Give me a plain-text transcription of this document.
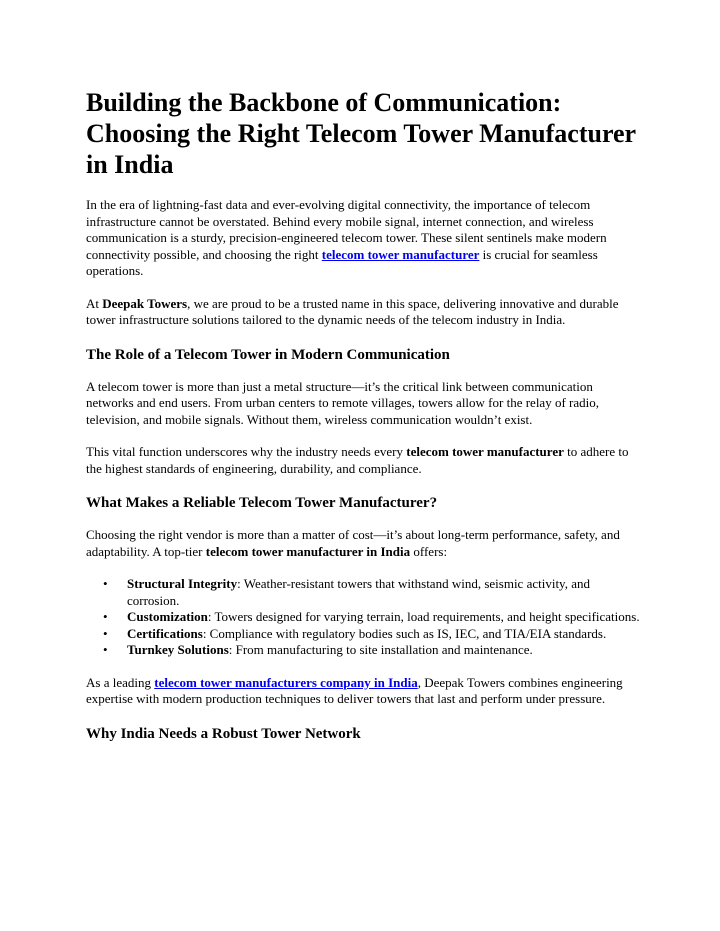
Building the Backbone of Communication: Choosing the Right Telecom Tower Manufacturer in India

In the era of lightning-fast data and ever-evolving digital connectivity, the importance of telecom infrastructure cannot be overstated. Behind every mobile signal, internet connection, and wireless communication is a sturdy, precision-engineered telecom tower. These silent sentinels make modern connectivity possible, and choosing the right telecom tower manufacturer is crucial for seamless operations.

At Deepak Towers, we are proud to be a trusted name in this space, delivering innovative and durable tower infrastructure solutions tailored to the dynamic needs of the telecom industry in India.

The Role of a Telecom Tower in Modern Communication

A telecom tower is more than just a metal structure—it’s the critical link between communication networks and end users. From urban centers to remote villages, towers allow for the relay of radio, television, and mobile signals. Without them, wireless communication wouldn’t exist.

This vital function underscores why the industry needs every telecom tower manufacturer to adhere to the highest standards of engineering, durability, and compliance.

What Makes a Reliable Telecom Tower Manufacturer?

Choosing the right vendor is more than a matter of cost—it’s about long-term performance, safety, and adaptability. A top-tier telecom tower manufacturer in India offers:

• Structural Integrity: Weather-resistant towers that withstand wind, seismic activity, and corrosion.
• Customization: Towers designed for varying terrain, load requirements, and height specifications.
• Certifications: Compliance with regulatory bodies such as IS, IEC, and TIA/EIA standards.
• Turnkey Solutions: From manufacturing to site installation and maintenance.

As a leading telecom tower manufacturers company in India, Deepak Towers combines engineering expertise with modern production techniques to deliver towers that last and perform under pressure.

Why India Needs a Robust Tower Network
